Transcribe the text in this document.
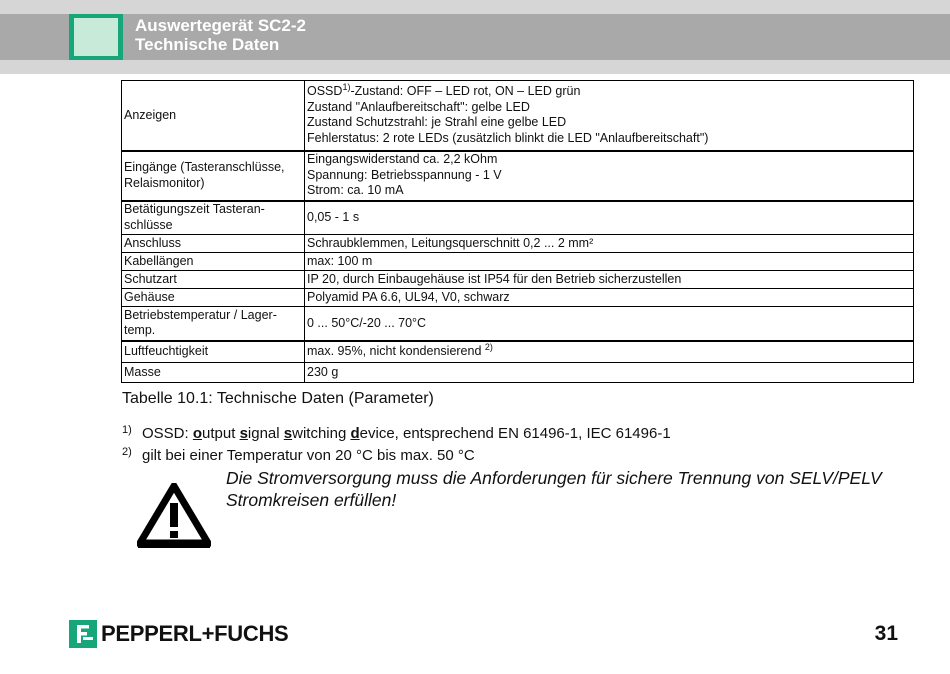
Auswertegerät SC2-2
Technische Daten
Anzeigen	OSSD$^{1)}$-Zustand: OFF – LED rot, ON – LED grün
Zustand "Anlaufbereitschaft": gelbe LED
Zustand Schutzstrahl: je Strahl eine gelbe LED
Fehlerstatus: 2 rote LEDs (zusätzlich blinkt die LED "Anlaufbereitschaft")

Eingänge (Tasteranschlüsse, Relaismonitor)	Eingangswiderstand ca. 2,2 kOhm
Spannung: Betriebsspannung - 1 V
Strom: ca. 10 mA

Betätigungszeit Tasteran-schlüsse	0,05 - 1 s

Anschluss	Schraubklemmen, Leitungsquerschnitt 0,2 ... 2 mm²

Kabellängen	max: 100 m

Schutzart	IP 20, durch Einbaugehäuse ist IP54 für den Betrieb sicherzustellen

Gehäuse	Polyamid PA 6.6, UL94, V0, schwarz

Betriebstemperatur / Lager-temp.	0 ... 50°C/-20 ... 70°C

Luftfeuchtigkeit	max. 95%, nicht kondensierend $^{2)}$

Masse	230 g
Tabelle 10.1: Technische Daten (Parameter)
1) OSSD: output signal switching device, entsprechend EN 61496-1, IEC 61496-1
2) gilt bei einer Temperatur von 20 °C bis max. 50 °C
Die Stromversorgung muss die Anforderungen für sichere Trennung von SELV/PELV
Stromkreisen erfüllen!
PEPPERL+FUCHS	31
